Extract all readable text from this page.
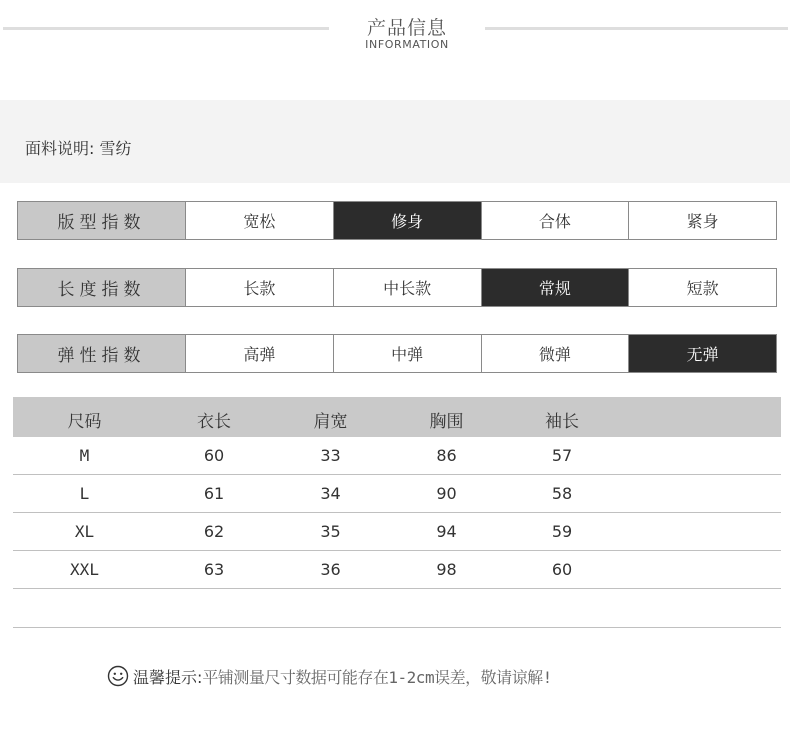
产品信息
INFORMATION
面料说明: 雪纺
版型指数	宽松	修身	合体	紧身
长度指数	长款	中长款	常规	短款
弹性指数	高弹	中弹	微弹	无弹
尺码	衣长	肩宽	胸围	袖长
M	60	33	86	57
L	61	34	90	58
XL	62	35	94	59
XXL	63	36	98	60
温馨提示: 平铺测量尺寸数据可能存在1-2cm误差，敬请谅解!
